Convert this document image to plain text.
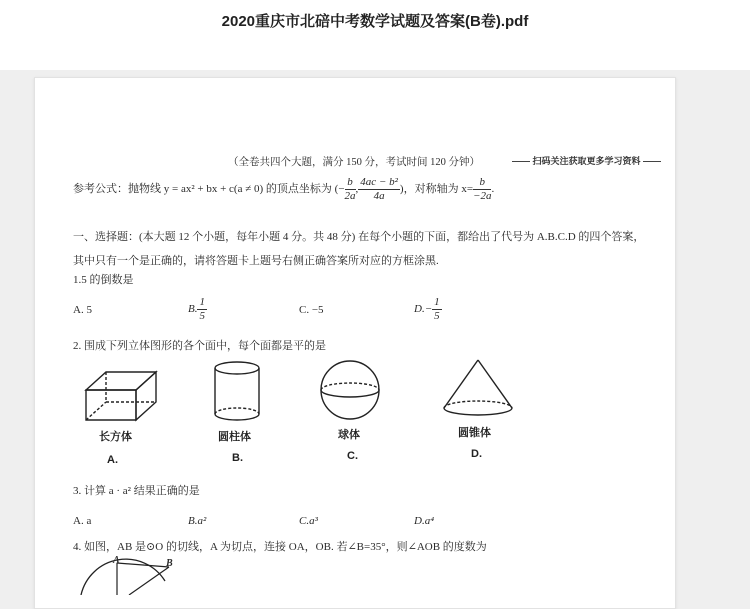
2020重庆市北碚中考数学试题及答案(B卷).pdf
（全卷共四个大题，满分 150 分，考试时间 120 分钟）	—— 扫码关注获取更多学习资料 ——
参考公式：抛物线 y = ax² + bx + c(a ≠ 0) 的顶点坐标为 (− $\frac{b}{2a}$ , $\frac{\text{4ac − b²}}{4a}$ )，对称轴为 $x= \frac{b}{-2a}$ .
一、选择题：(本大题 12 个小题，每年小题 4 分。共 48 分) 在每个小题的下面，都给出了代号为 A.B.C.D 的四个答案，
其中只有一个是正确的，请将答题卡上题号右侧正确答案所对应的方框涂黑.
1.5 的倒数是
A. 5	B. $\frac{1}{5}$	C. −5	$D.- \frac{1}{5}$
2. 围成下列立体图形的各个面中，每个面都是平的是
长方体	圆柱体	球体	圆锥体
A.	B.	C.	D.
3. 计算 a · a² 结果正确的是
A. a	B.a²	C.a³	D.a⁴
4. 如图，AB 是⊙O 的切线，A 为切点，连接 OA，OB. 若∠B=35°，则∠AOB 的度数为
A	B
